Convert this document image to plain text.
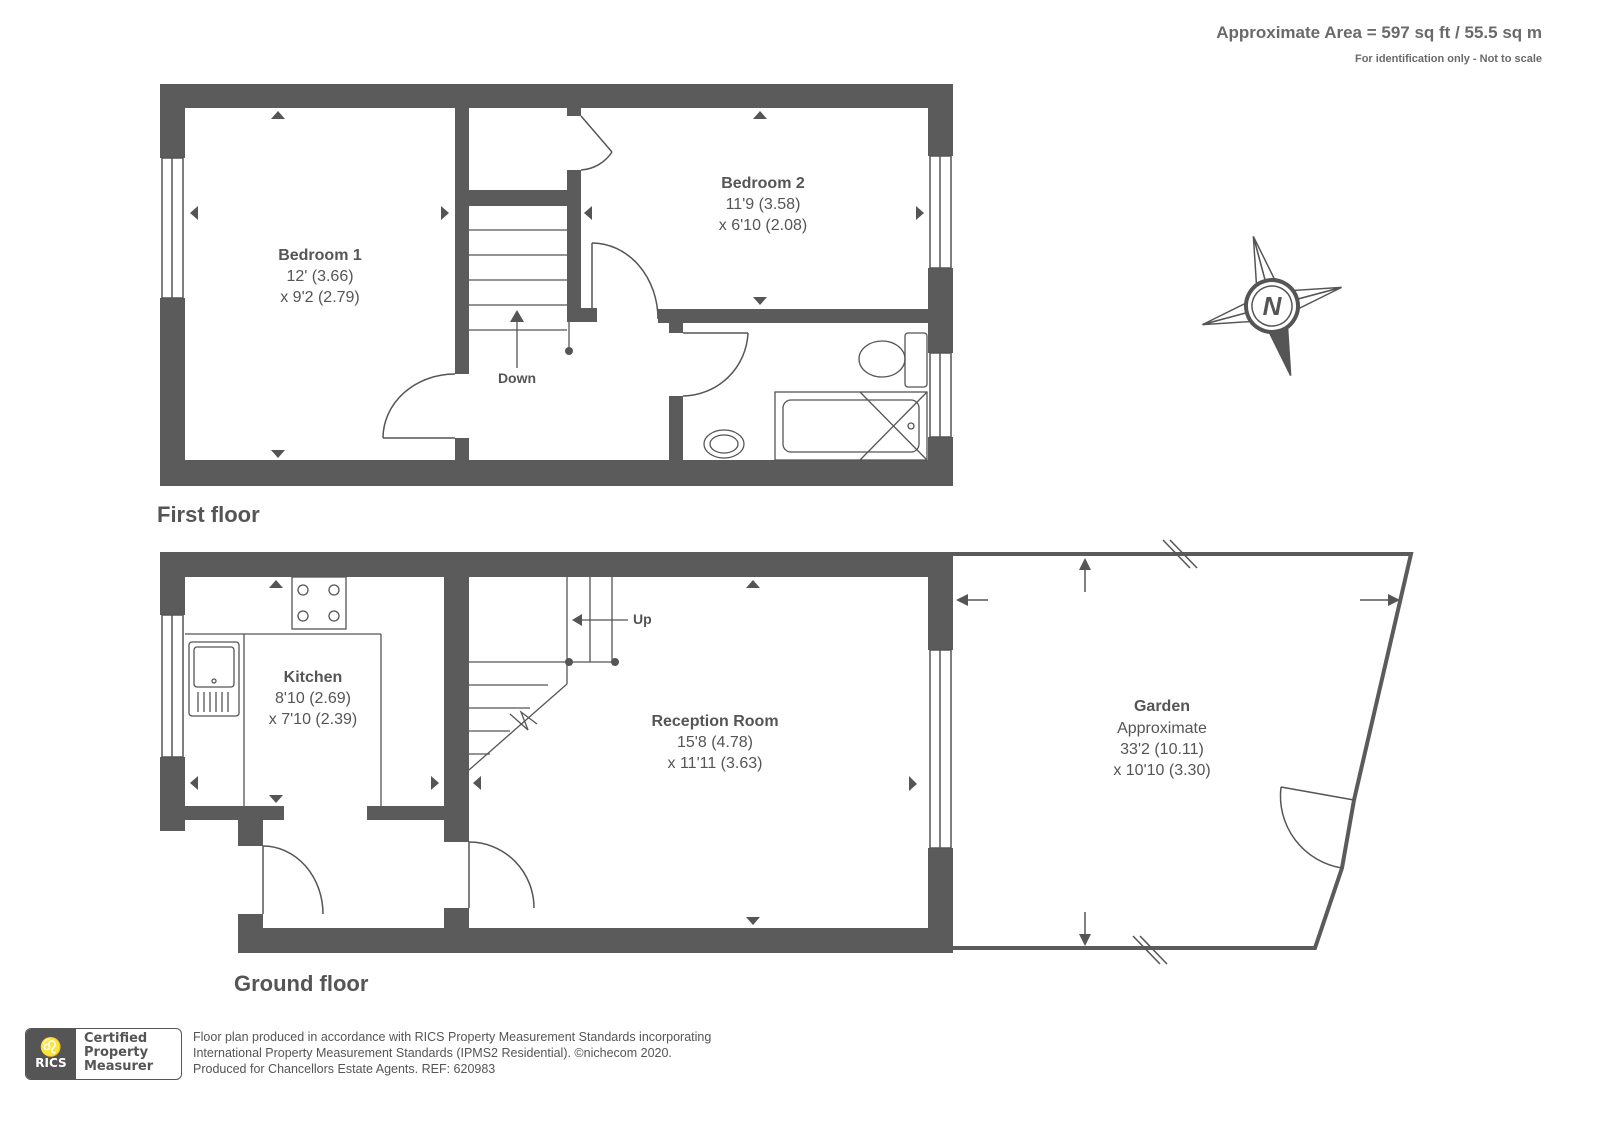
Approximate Area = 597 sq ft / 55.5 sq m
For identification only - Not to scale
First floor
Ground floor
Bedroom 1
12' (3.66)
x 9'2 (2.79)
Bedroom 2
11'9 (3.58)
x 6'10 (2.08)
Down
Kitchen
8'10 (2.69)
x 7'10 (2.39)	Reception Room
15'8 (4.78)
x 11'11 (3.63)
Garden
Approximate
33'2 (10.11)
x 10'10 (3.30)
Up
N
♌
RICS
Certified
Property
Measurer
Floor plan produced in accordance with RICS Property Measurement Standards incorporating
International Property Measurement Standards (IPMS2 Residential). ©nichecom 2020.
Produced for Chancellors Estate Agents. REF: 620983
